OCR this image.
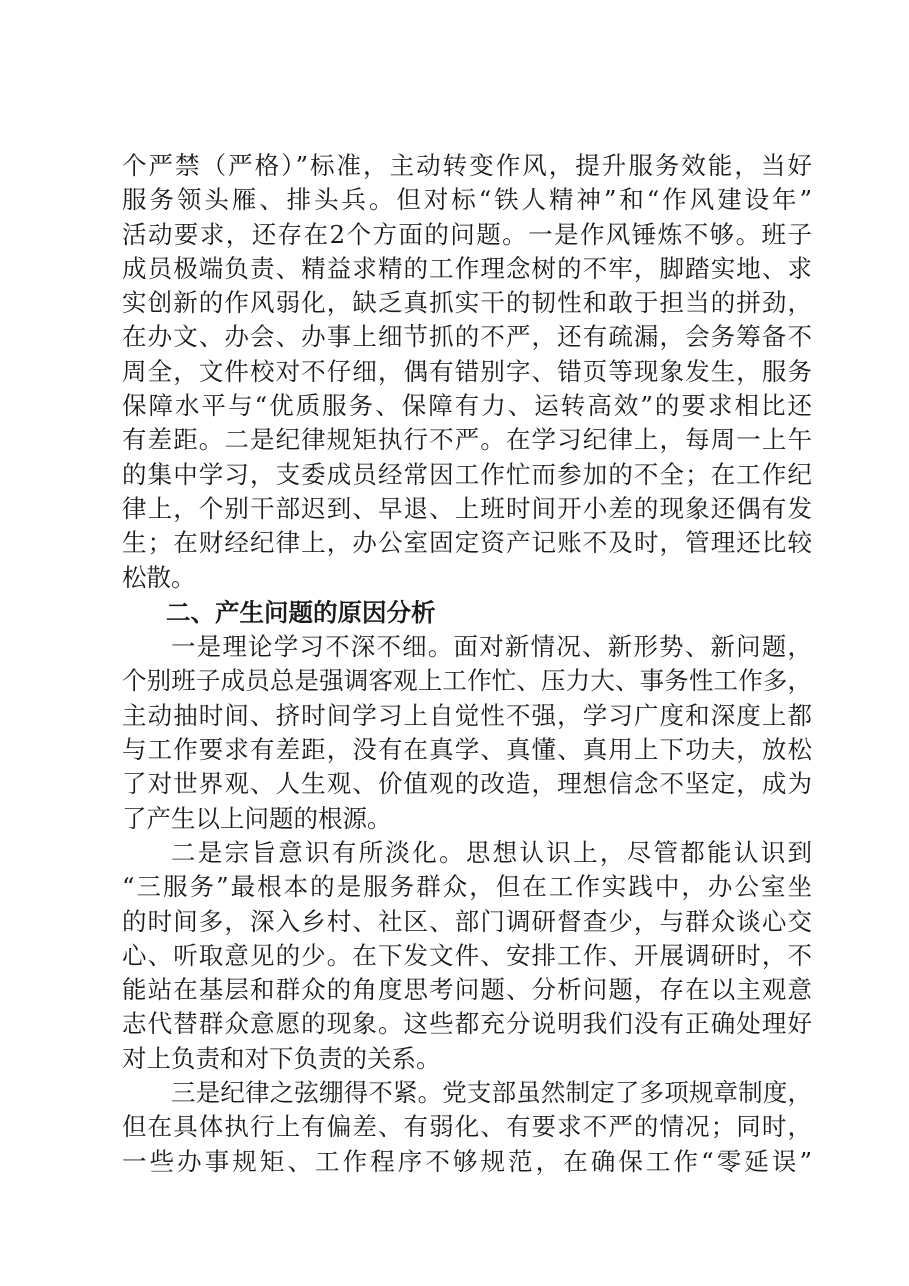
个严禁（严格）”标准，主动转变作风，提升服务效能，当好
服务领头雁、排头兵。但对标“铁人精神”和“作风建设年”
活动要求，还存在2个方面的问题。一是作风锤炼不够。班子
成员极端负责、精益求精的工作理念树的不牢，脚踏实地、求
实创新的作风弱化，缺乏真抓实干的韧性和敢于担当的拼劲，
在办文、办会、办事上细节抓的不严，还有疏漏，会务筹备不
周全，文件校对不仔细，偶有错别字、错页等现象发生，服务
保障水平与“优质服务、保障有力、运转高效”的要求相比还
有差距。二是纪律规矩执行不严。在学习纪律上，每周一上午
的集中学习，支委成员经常因工作忙而参加的不全；在工作纪
律上，个别干部迟到、早退、上班时间开小差的现象还偶有发
生；在财经纪律上，办公室固定资产记账不及时，管理还比较
松散。
二、产生问题的原因分析
一是理论学习不深不细。面对新情况、新形势、新问题，
个别班子成员总是强调客观上工作忙、压力大、事务性工作多，
主动抽时间、挤时间学习上自觉性不强，学习广度和深度上都
与工作要求有差距，没有在真学、真懂、真用上下功夫，放松
了对世界观、人生观、价值观的改造，理想信念不坚定，成为
了产生以上问题的根源。
二是宗旨意识有所淡化。思想认识上，尽管都能认识到
“三服务”最根本的是服务群众，但在工作实践中，办公室坐
的时间多，深入乡村、社区、部门调研督查少，与群众谈心交
心、听取意见的少。在下发文件、安排工作、开展调研时，不
能站在基层和群众的角度思考问题、分析问题，存在以主观意
志代替群众意愿的现象。这些都充分说明我们没有正确处理好
对上负责和对下负责的关系。
三是纪律之弦绷得不紧。党支部虽然制定了多项规章制度，
但在具体执行上有偏差、有弱化、有要求不严的情况；同时，
一些办事规矩、工作程序不够规范，在确保工作“零延误”
